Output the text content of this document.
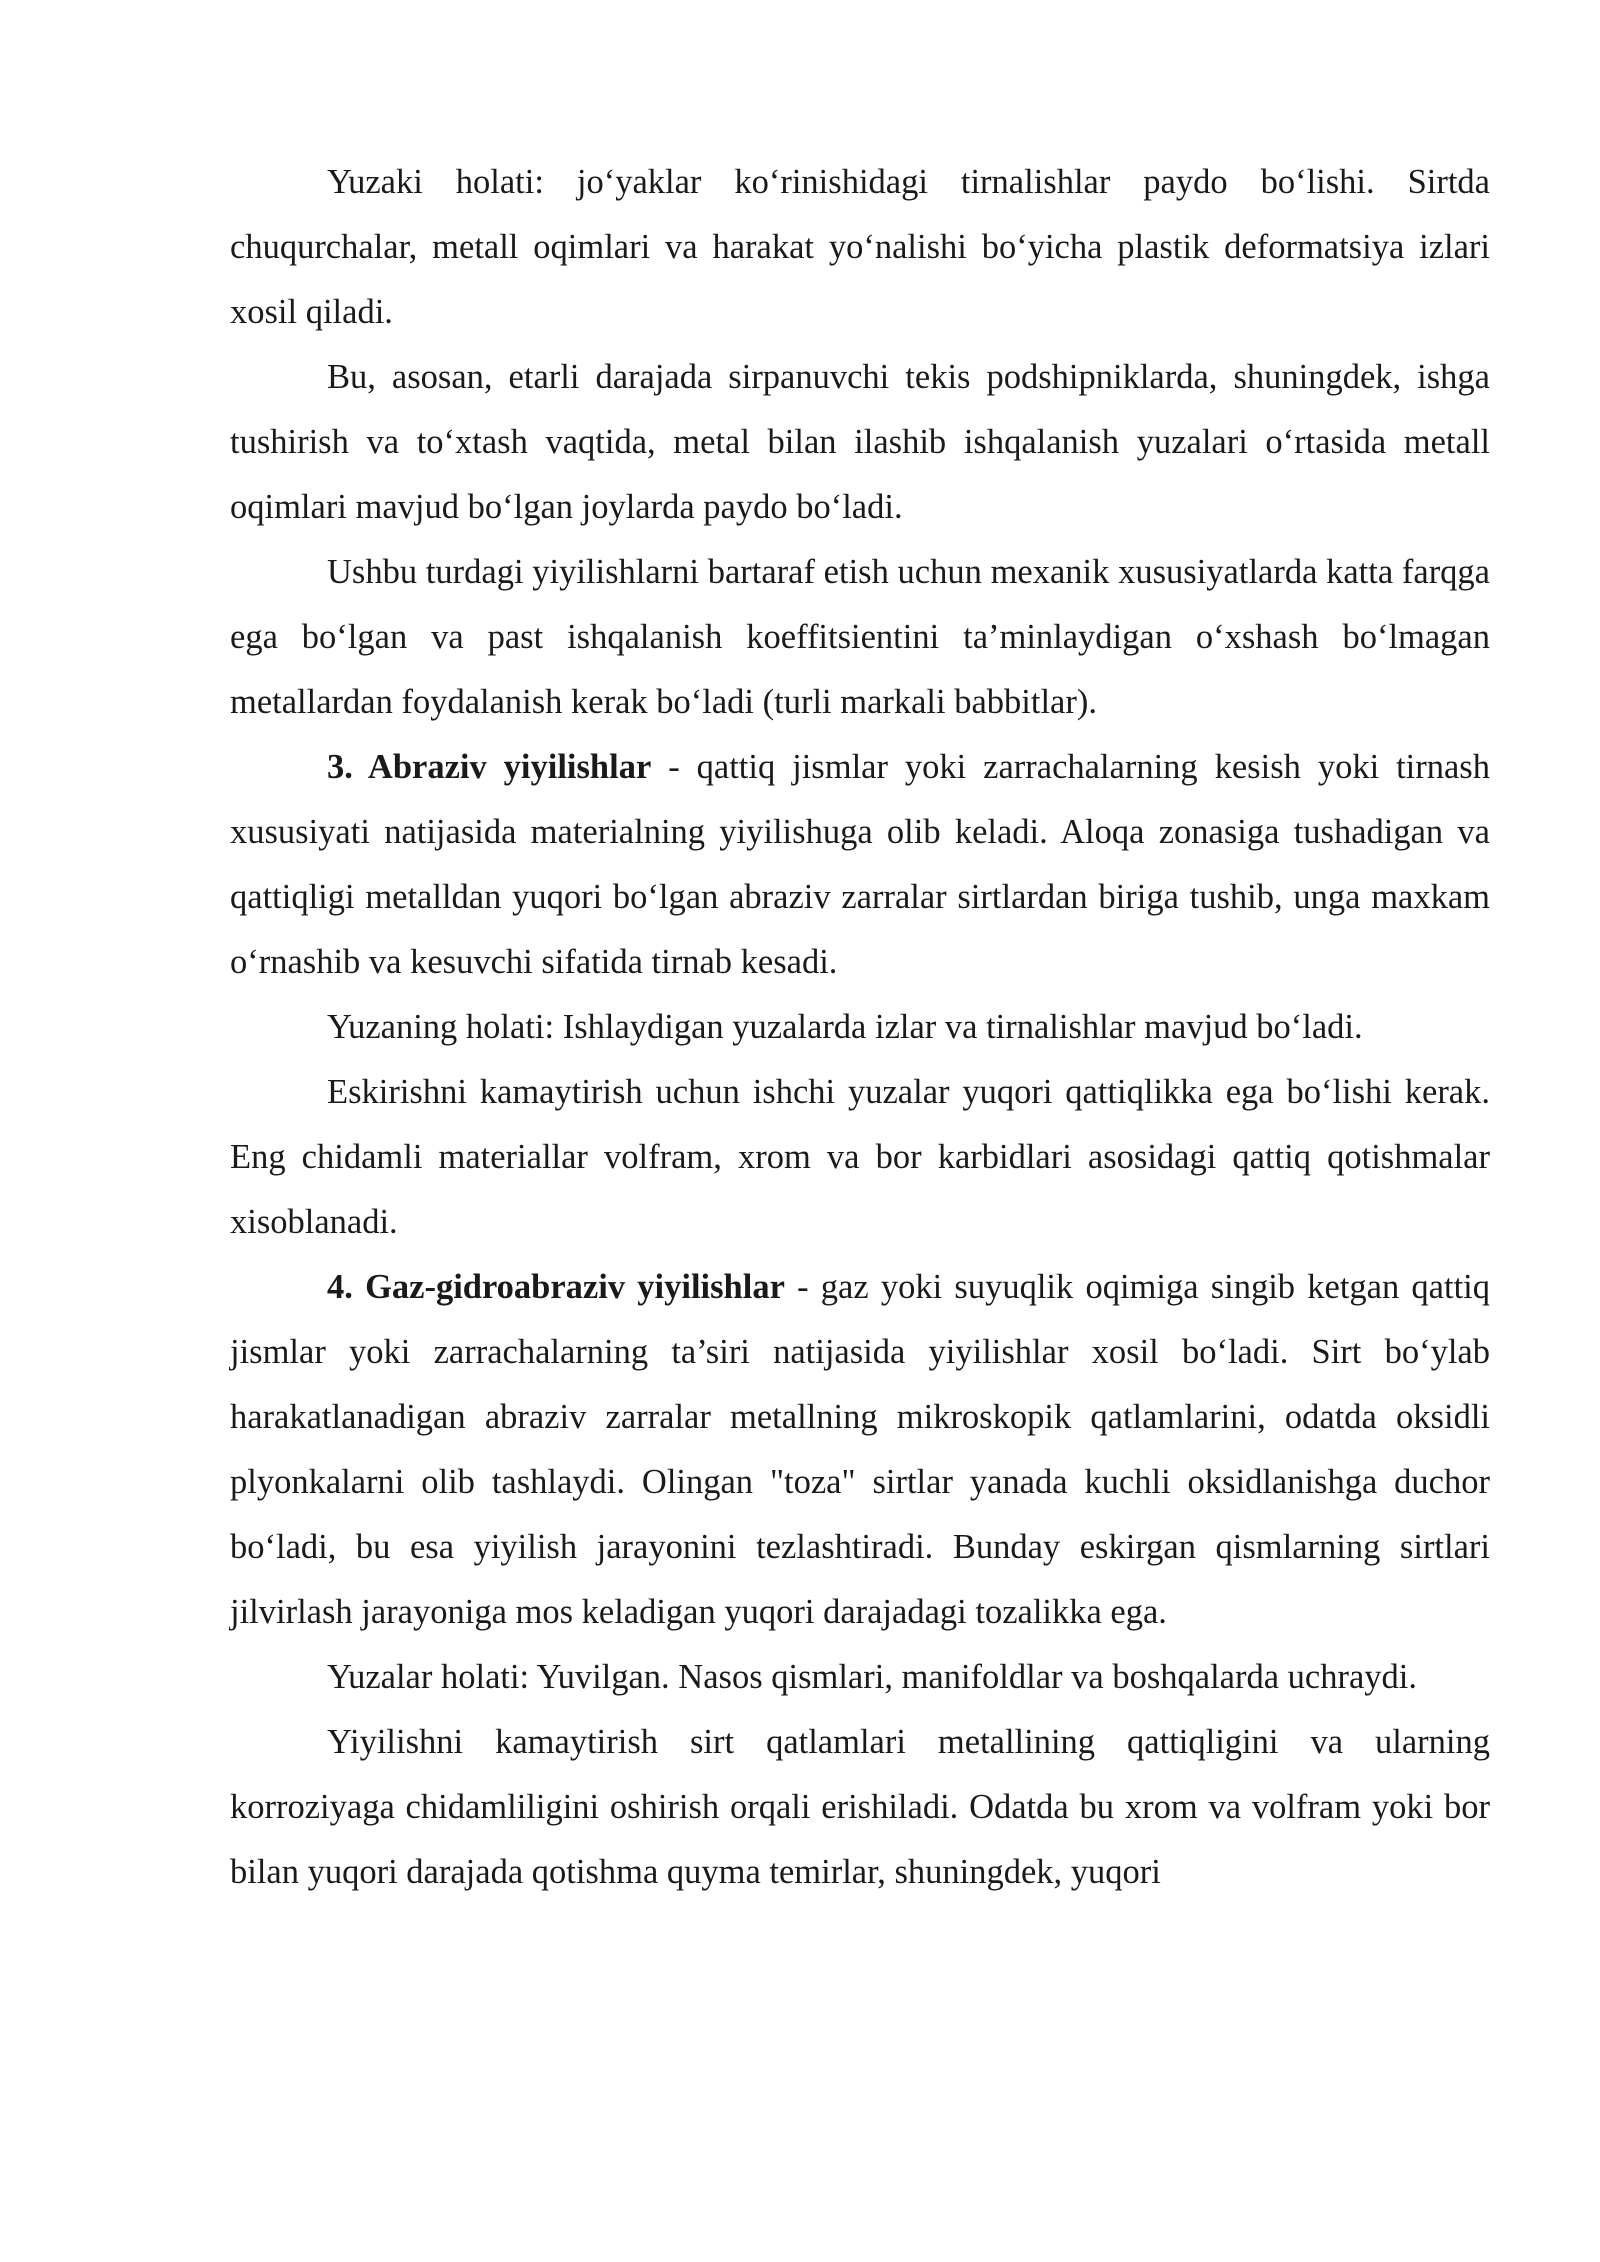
Yuzaki holati: jo‘yaklar ko‘rinishidagi tirnalishlar paydo bo‘lishi. Sirtda chuqurchalar, metall oqimlari va harakat yo‘nalishi bo‘yicha plastik deformatsiya izlari xosil qiladi.

Bu, asosan, etarli darajada sirpanuvchi tekis podshipniklarda, shuningdek, ishga tushirish va to‘xtash vaqtida, metal bilan ilashib ishqalanish yuzalari o‘rtasida metall oqimlari mavjud bo‘lgan joylarda paydo bo‘ladi.

Ushbu turdagi yiyilishlarni bartaraf etish uchun mexanik xususiyatlarda katta farqga ega bo‘lgan va past ishqalanish koeffitsientini ta’minlaydigan o‘xshash bo‘lmagan metallardan foydalanish kerak bo‘ladi (turli markali babbitlar).

3. Abraziv yiyilishlar - qattiq jismlar yoki zarrachalarning kesish yoki tirnash xususiyati natijasida materialning yiyilishuga olib keladi. Aloqa zonasiga tushadigan va qattiqligi metalldan yuqori bo‘lgan abraziv zarralar sirtlardan biriga tushib, unga maxkam o‘rnashib va kesuvchi sifatida tirnab kesadi.

Yuzaning holati: Ishlaydigan yuzalarda izlar va tirnalishlar mavjud bo‘ladi.

Eskirishni kamaytirish uchun ishchi yuzalar yuqori qattiqlikka ega bo‘lishi kerak. Eng chidamli materiallar volfram, xrom va bor karbidlari asosidagi qattiq qotishmalar xisoblanadi.

4. Gaz-gidroabraziv yiyilishlar - gaz yoki suyuqlik oqimiga singib ketgan qattiq jismlar yoki zarrachalarning ta’siri natijasida yiyilishlar xosil bo‘ladi. Sirt bo‘ylab harakatlanadigan abraziv zarralar metallning mikroskopik qatlamlarini, odatda oksidli plyonkalarni olib tashlaydi. Olingan "toza" sirtlar yanada kuchli oksidlanishga duchor bo‘ladi, bu esa yiyilish jarayonini tezlashtiradi. Bunday eskirgan qismlarning sirtlari jilvirlash jarayoniga mos keladigan yuqori darajadagi tozalikka ega.

Yuzalar holati: Yuvilgan. Nasos qismlari, manifoldlar va boshqalarda uchraydi.

Yiyilishni kamaytirish sirt qatlamlari metallining qattiqligini va ularning korroziyaga chidamliligini oshirish orqali erishiladi. Odatda bu xrom va volfram yoki bor bilan yuqori darajada qotishma quyma temirlar, shuningdek, yuqori
